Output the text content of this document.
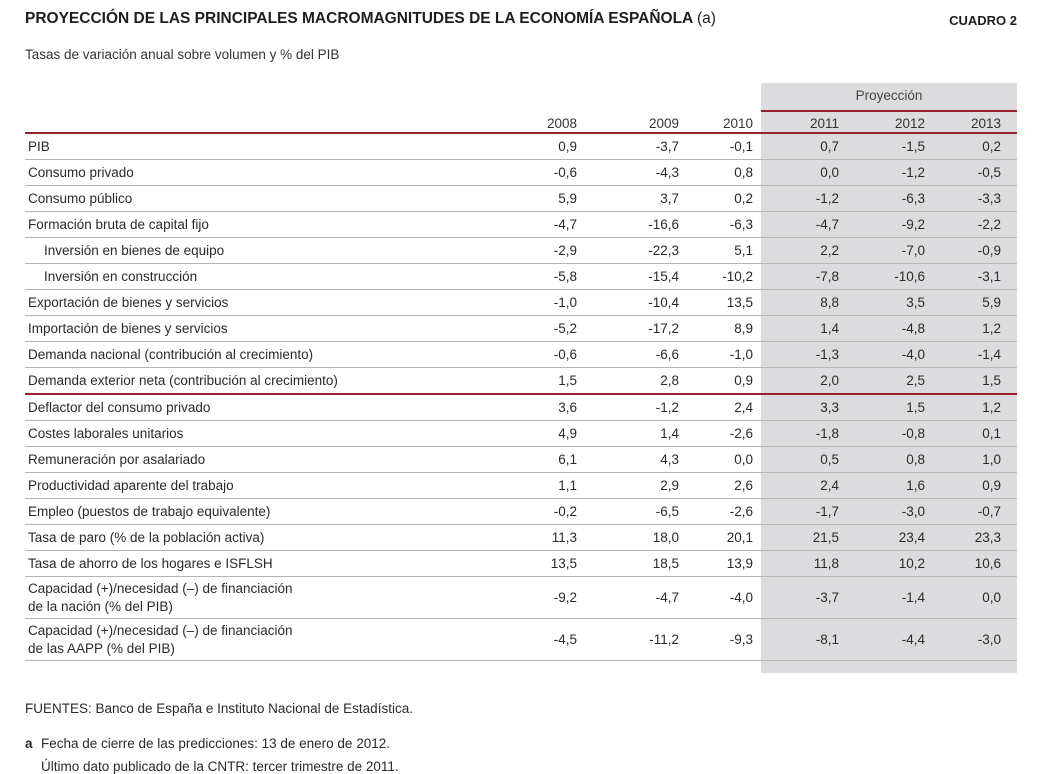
PROYECCIÓN DE LAS PRINCIPALES MACROMAGNITUDES DE LA ECONOMÍA ESPAÑOLA (a)	CUADRO 2
Tasas de variación anual sobre volumen y % del PIB
Proyección
	2008	2009	2010	2011	2012	2013
PIB	0,9	-3,7	-0,1	0,7	-1,5	0,2
Consumo privado	-0,6	-4,3	0,8	0,0	-1,2	-0,5
Consumo público	5,9	3,7	0,2	-1,2	-6,3	-3,3
Formación bruta de capital fijo	-4,7	-16,6	-6,3	-4,7	-9,2	-2,2
Inversión en bienes de equipo	-2,9	-22,3	5,1	2,2	-7,0	-0,9
Inversión en construcción	-5,8	-15,4	-10,2	-7,8	-10,6	-3,1
Exportación de bienes y servicios	-1,0	-10,4	13,5	8,8	3,5	5,9
Importación de bienes y servicios	-5,2	-17,2	8,9	1,4	-4,8	1,2
Demanda nacional (contribución al crecimiento)	-0,6	-6,6	-1,0	-1,3	-4,0	-1,4
Demanda exterior neta (contribución al crecimiento)	1,5	2,8	0,9	2,0	2,5	1,5
Deflactor del consumo privado	3,6	-1,2	2,4	3,3	1,5	1,2
Costes laborales unitarios	4,9	1,4	-2,6	-1,8	-0,8	0,1
Remuneración por asalariado	6,1	4,3	0,0	0,5	0,8	1,0
Productividad aparente del trabajo	1,1	2,9	2,6	2,4	1,6	0,9
Empleo (puestos de trabajo equivalente)	-0,2	-6,5	-2,6	-1,7	-3,0	-0,7
Tasa de paro (% de la población activa)	11,3	18,0	20,1	21,5	23,4	23,3
Tasa de ahorro de los hogares e ISFLSH	13,5	18,5	13,9	11,8	10,2	10,6
Capacidad (+)/necesidad (–) de financiación
de la nación (% del PIB)	-9,2	-4,7	-4,0	-3,7	-1,4	0,0
Capacidad (+)/necesidad (–) de financiación
de las AAPP (% del PIB)	-4,5	-11,2	-9,3	-8,1	-4,4	-3,0
FUENTES: Banco de España e Instituto Nacional de Estadística.
a Fecha de cierre de las predicciones: 13 de enero de 2012.
Último dato publicado de la CNTR: tercer trimestre de 2011.
